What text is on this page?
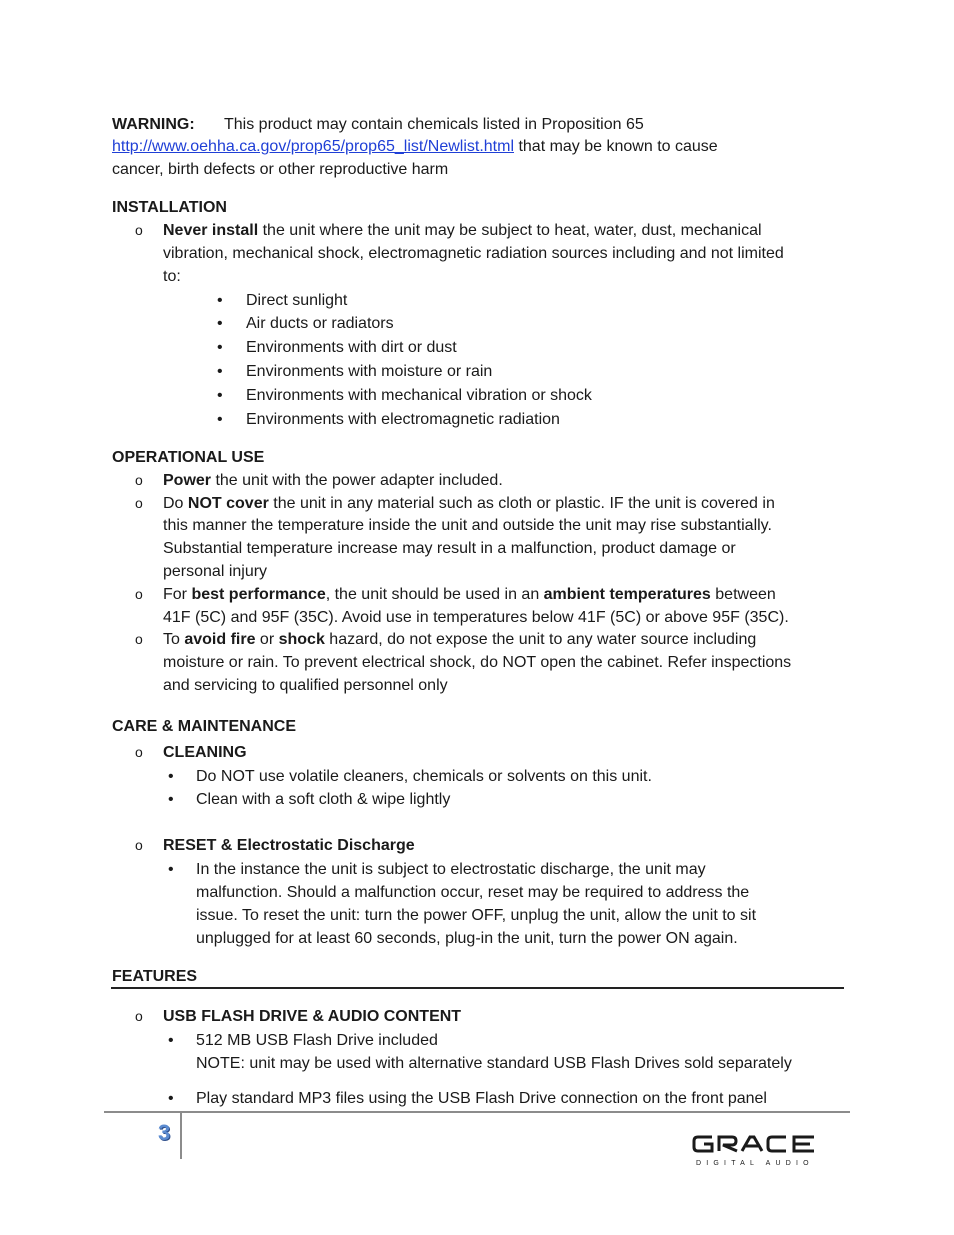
WARNING: This product may contain chemicals listed in Proposition 65
http://www.oehha.ca.gov/prop65/prop65_list/Newlist.html that may be known to cause
cancer, birth defects or other reproductive harm
INSTALLATION
o Never install the unit where the unit may be subject to heat, water, dust, mechanical
vibration, mechanical shock, electromagnetic radiation sources including and not limited
to:
• Direct sunlight
• Air ducts or radiators
• Environments with dirt or dust
• Environments with moisture or rain
• Environments with mechanical vibration or shock
• Environments with electromagnetic radiation
OPERATIONAL USE
o Power the unit with the power adapter included.
o Do NOT cover the unit in any material such as cloth or plastic. IF the unit is covered in
this manner the temperature inside the unit and outside the unit may rise substantially.
Substantial temperature increase may result in a malfunction, product damage or
personal injury
o For best performance, the unit should be used in an ambient temperatures between
41F (5C) and 95F (35C). Avoid use in temperatures below 41F (5C) or above 95F (35C).
o To avoid fire or shock hazard, do not expose the unit to any water source including
moisture or rain. To prevent electrical shock, do NOT open the cabinet. Refer inspections
and servicing to qualified personnel only
CARE & MAINTENANCE
o CLEANING
• Do NOT use volatile cleaners, chemicals or solvents on this unit.
• Clean with a soft cloth & wipe lightly
o RESET & Electrostatic Discharge
• In the instance the unit is subject to electrostatic discharge, the unit may
malfunction. Should a malfunction occur, reset may be required to address the
issue. To reset the unit: turn the power OFF, unplug the unit, allow the unit to sit
unplugged for at least 60 seconds, plug-in the unit, turn the power ON again.
FEATURES
o USB FLASH DRIVE & AUDIO CONTENT
• 512 MB USB Flash Drive included
NOTE: unit may be used with alternative standard USB Flash Drives sold separately
• Play standard MP3 files using the USB Flash Drive connection on the front panel
3
DIGITAL AUDIO
